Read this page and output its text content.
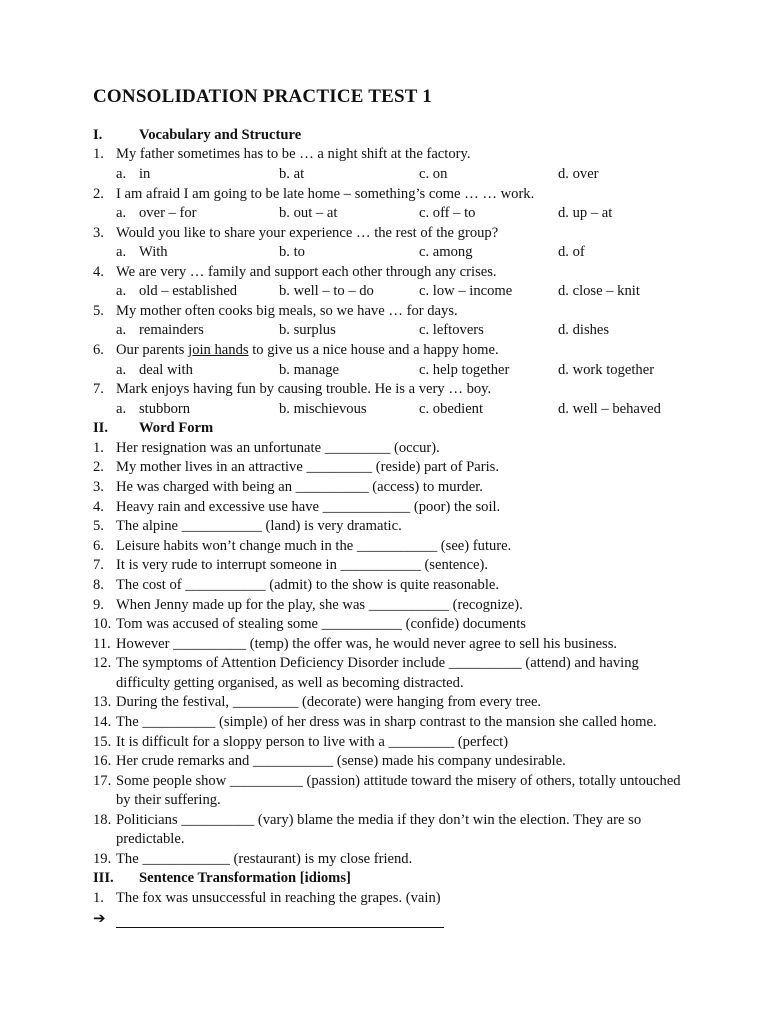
CONSOLIDATION PRACTICE TEST 1
I.	Vocabulary and Structure
1. My father sometimes has to be … a night shift at the factory.
a. in	b. at	c. on	d. over
2. I am afraid I am going to be late home – something’s come … … work.
a. over – for	b. out – at	c. off – to	d. up – at
3. Would you like to share your experience … the rest of the group?
a. With	b. to	c. among	d. of
4. We are very … family and support each other through any crises.
a. old – established	b. well – to – do	c. low – income	d. close – knit
5. My mother often cooks big meals, so we have … for days.
a. remainders	b. surplus	c. leftovers	d. dishes
6. Our parents join hands to give us a nice house and a happy home.
a. deal with	b. manage	c. help together	d. work together
7. Mark enjoys having fun by causing trouble. He is a very … boy.
a. stubborn	b. mischievous	c. obedient	d. well – behaved
II. Word Form
1. Her resignation was an unfortunate _________ (occur).
2. My mother lives in an attractive _________ (reside) part of Paris.
3. He was charged with being an __________ (access) to murder.
4. Heavy rain and excessive use have ____________ (poor) the soil.
5. The alpine ___________ (land) is very dramatic.
6. Leisure habits won’t change much in the ___________ (see) future.
7. It is very rude to interrupt someone in ___________ (sentence).
8. The cost of ___________ (admit) to the show is quite reasonable.
9. When Jenny made up for the play, she was ___________ (recognize).
10. Tom was accused of stealing some ___________ (confide) documents
11. However __________ (temp) the offer was, he would never agree to sell his business.
12. The symptoms of Attention Deficiency Disorder include __________ (attend) and having
difficulty getting organised, as well as becoming distracted.
13. During the festival, _________ (decorate) were hanging from every tree.
14. The __________ (simple) of her dress was in sharp contrast to the mansion she called home.
15. It is difficult for a sloppy person to live with a _________ (perfect)
16. Her crude remarks and ___________ (sense) made his company undesirable.
17. Some people show __________ (passion) attitude toward the misery of others, totally untouched
by their suffering.
18. Politicians __________ (vary) blame the media if they don’t win the election. They are so
predictable.
19. The ____________ (restaurant) is my close friend.
III. Sentence Transformation [idioms]
1. The fox was unsuccessful in reaching the grapes. (vain)
➔
